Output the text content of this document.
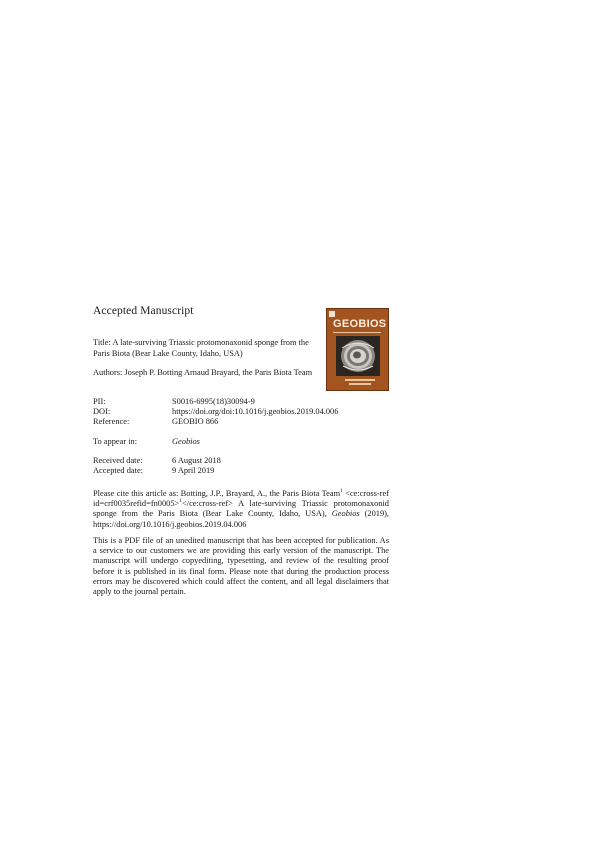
Accepted Manuscript
Title: A late-surviving Triassic protomonaxonid sponge from the Paris Biota (Bear Lake County, Idaho, USA)
Authors: Joseph P. Botting Arnaud Brayard, the Paris Biota Team
PII:	S0016-6995(18)30094-9
DOI:	https://doi.org/doi:10.1016/j.geobios.2019.04.006
Reference:	GEOBIO 866
To appear in:	Geobios
Received date:	6 August 2018
Accepted date:	9 April 2019
Please cite this article as: Botting, J.P., Brayard, A., the Paris Biota Team$^1$ <ce:cross-ref id=crf0035refid=fn0005>$^1$</ce:cross-ref> A late-surviving Triassic protomonaxonid sponge from the Paris Biota (Bear Lake County, Idaho, USA), Geobios (2019), https://doi.org/10.1016/j.geobios.2019.04.006
This is a PDF file of an unedited manuscript that has been accepted for publication. As a service to our customers we are providing this early version of the manuscript. The manuscript will undergo copyediting, typesetting, and review of the resulting proof before it is published in its final form. Please note that during the production process errors may be discovered which could affect the content, and all legal disclaimers that apply to the journal pertain.
GEOBIOS
